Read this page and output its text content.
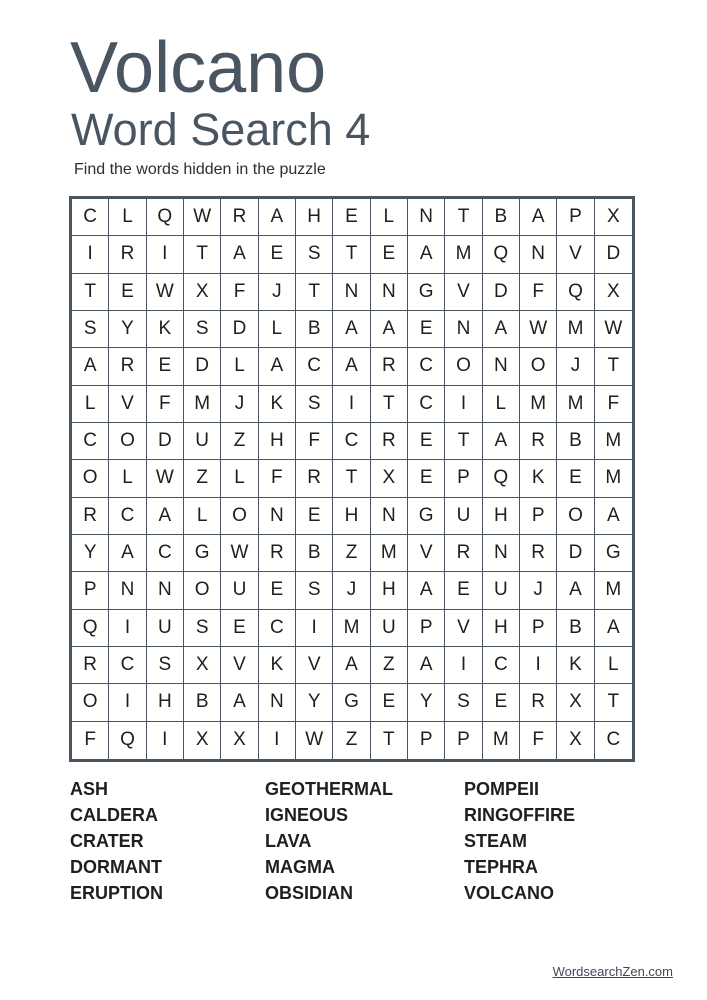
Volcano
Word Search 4
Find the words hidden in the puzzle
C	L	Q	W	R	A	H	E	L	N	T	B	A	P	X
I	R	I	T	A	E	S	T	E	A	M	Q	N	V	D
T	E	W	X	F	J	T	N	N	G	V	D	F	Q	X
S	Y	K	S	D	L	B	A	A	E	N	A	W	M	W
A	R	E	D	L	A	C	A	R	C	O	N	O	J	T
L	V	F	M	J	K	S	I	T	C	I	L	M	M	F
C	O	D	U	Z	H	F	C	R	E	T	A	R	B	M
O	L	W	Z	L	F	R	T	X	E	P	Q	K	E	M
R	C	A	L	O	N	E	H	N	G	U	H	P	O	A
Y	A	C	G	W	R	B	Z	M	V	R	N	R	D	G
P	N	N	O	U	E	S	J	H	A	E	U	J	A	M
Q	I	U	S	E	C	I	M	U	P	V	H	P	B	A
R	C	S	X	V	K	V	A	Z	A	I	C	I	K	L
O	I	H	B	A	N	Y	G	E	Y	S	E	R	X	T
F	Q	I	X	X	I	W	Z	T	P	P	M	F	X	C
ASH
CALDERA
CRATER
DORMANT
ERUPTION
GEOTHERMAL
IGNEOUS
LAVA
MAGMA
OBSIDIAN
POMPEII
RINGOFFIRE
STEAM
TEPHRA
VOLCANO
WordsearchZen.com
